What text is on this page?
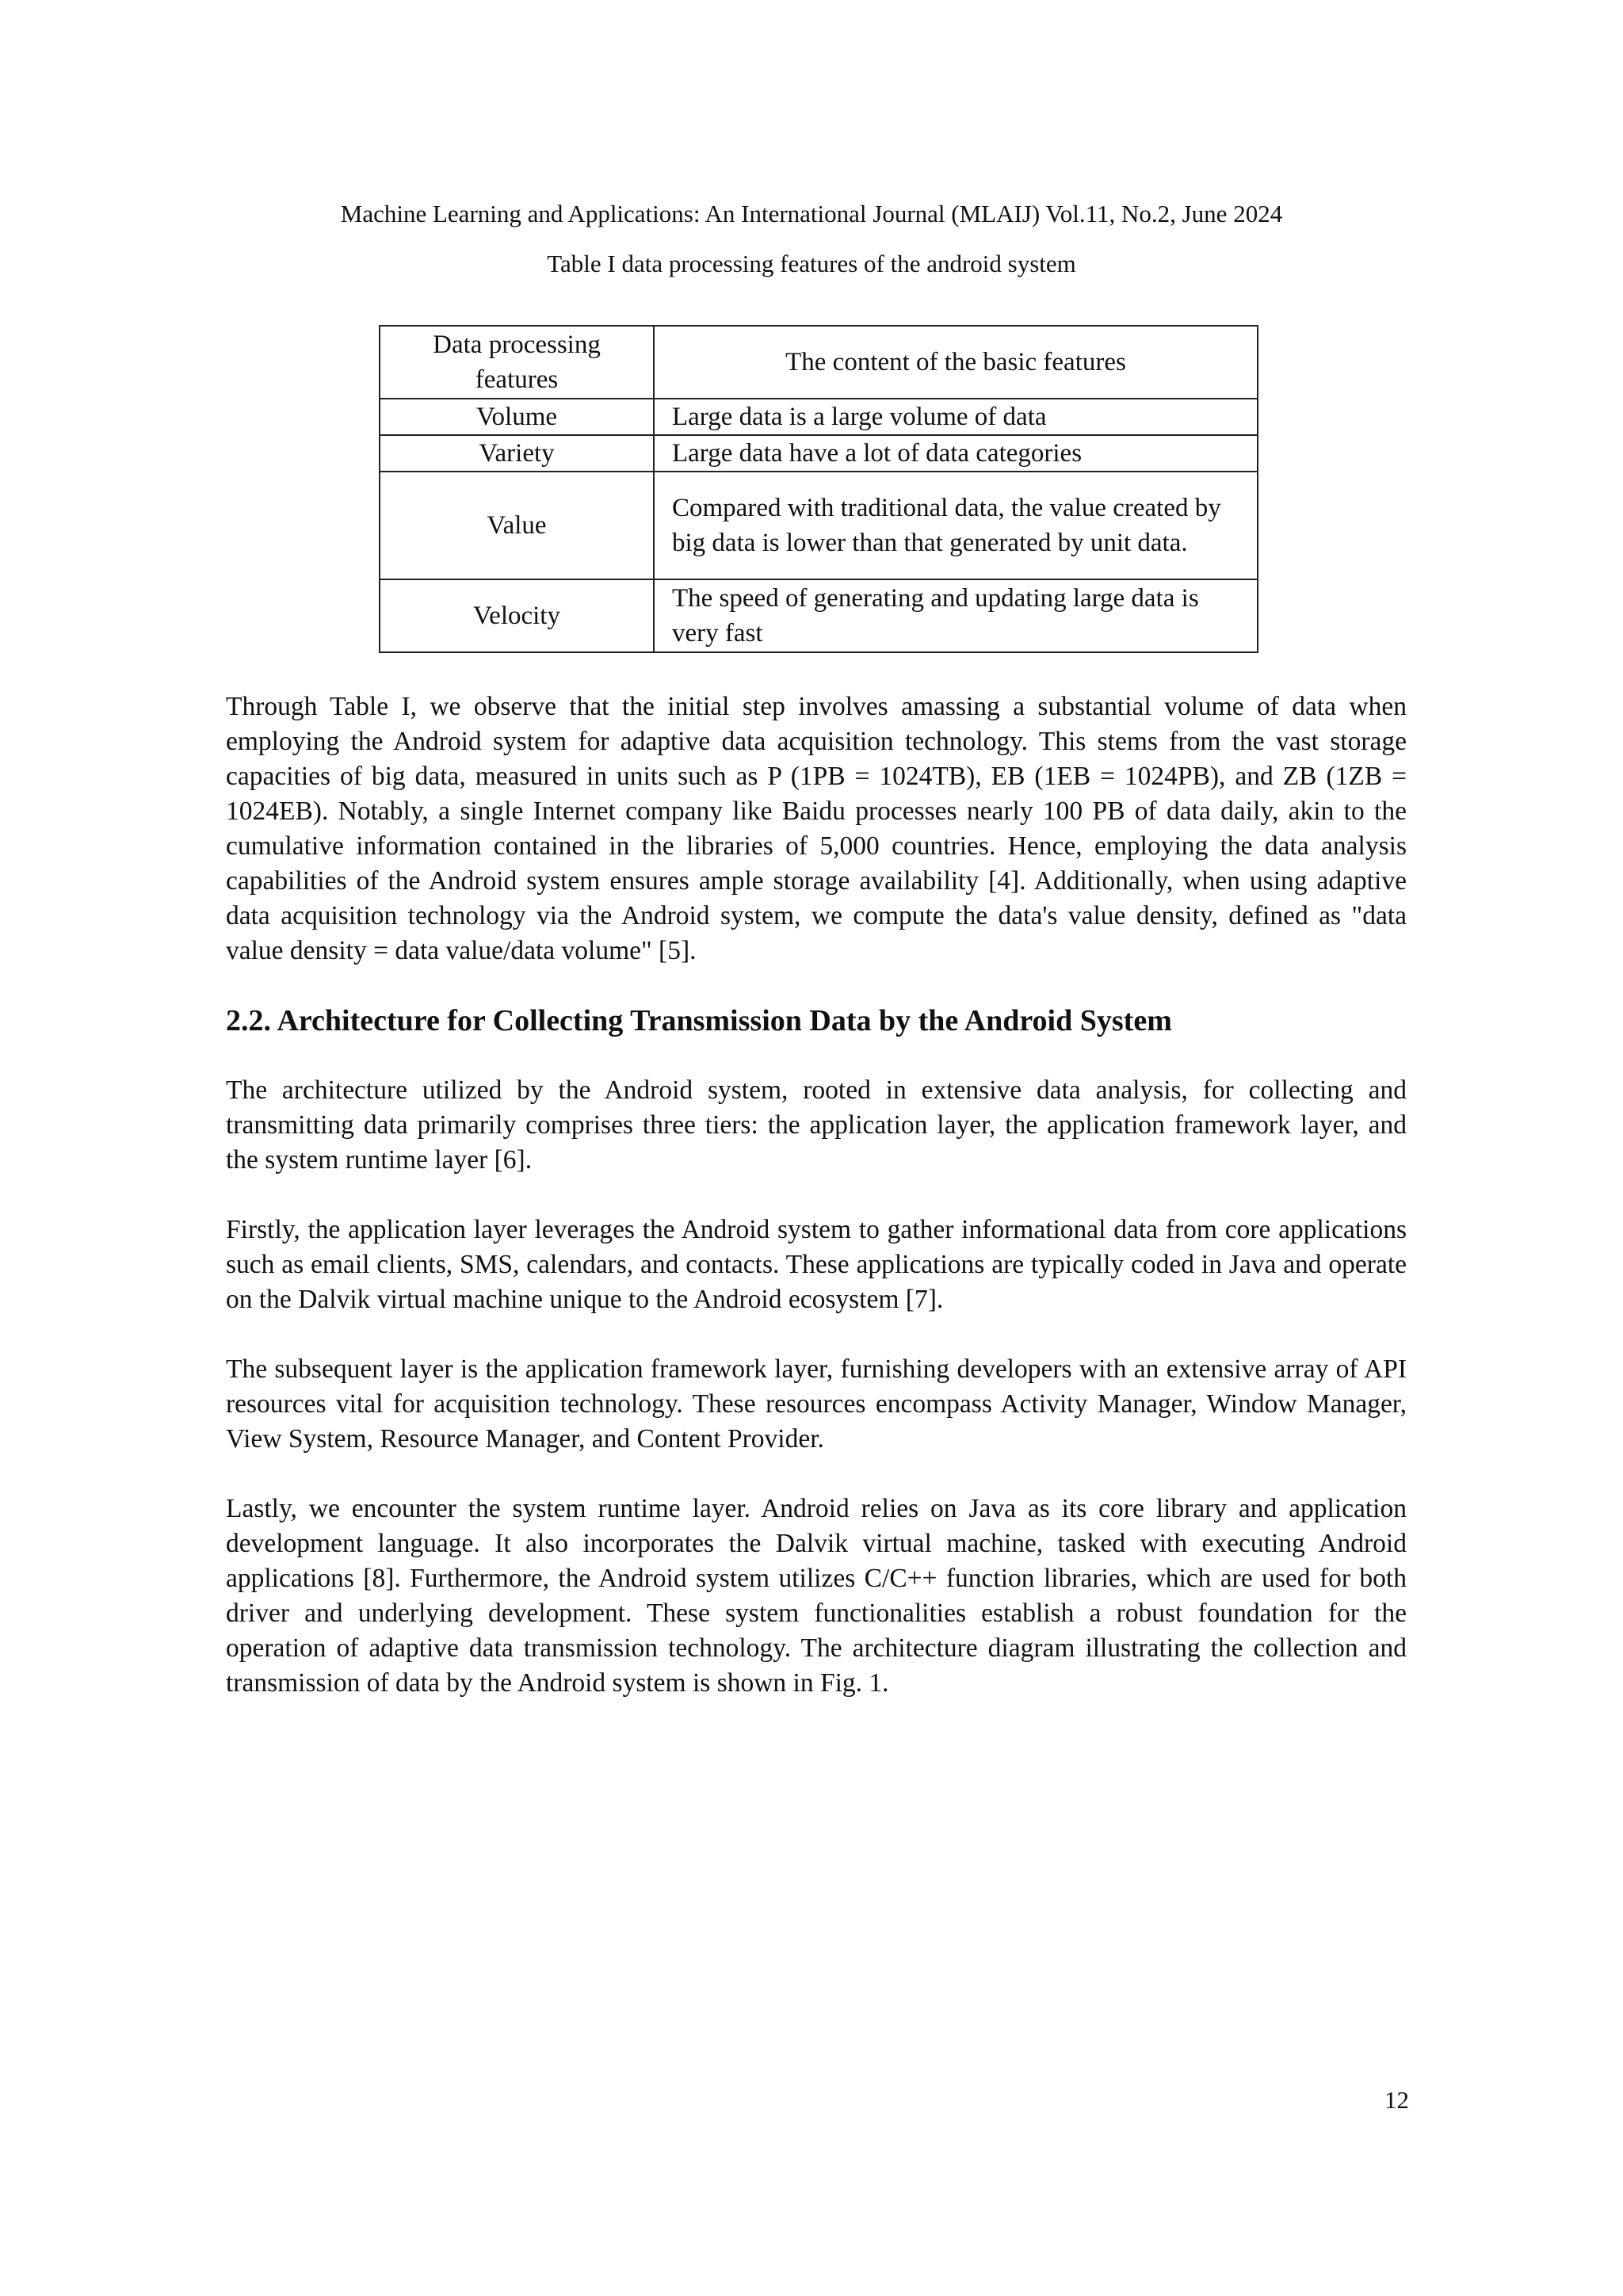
Machine Learning and Applications: An International Journal (MLAIJ) Vol.11, No.2, June 2024
Table I data processing features of the android system
Data processing features	The content of the basic features
Volume	Large data is a large volume of data
Variety	Large data have a lot of data categories
Value	Compared with traditional data, the value created by big data is lower than that generated by unit data.
Velocity	The speed of generating and updating large data is very fast

Through Table I, we observe that the initial step involves amassing a substantial volume of data when employing the Android system for adaptive data acquisition technology. This stems from the vast storage capacities of big data, measured in units such as P (1PB = 1024TB), EB (1EB = 1024PB), and ZB (1ZB = 1024EB). Notably, a single Internet company like Baidu processes nearly 100 PB of data daily, akin to the cumulative information contained in the libraries of 5,000 countries. Hence, employing the data analysis capabilities of the Android system ensures ample storage availability [4]. Additionally, when using adaptive data acquisition technology via the Android system, we compute the data's value density, defined as "data value density = data value/data volume" [5].

2.2. Architecture for Collecting Transmission Data by the Android System

The architecture utilized by the Android system, rooted in extensive data analysis, for collecting and transmitting data primarily comprises three tiers: the application layer, the application framework layer, and the system runtime layer [6].

Firstly, the application layer leverages the Android system to gather informational data from core applications such as email clients, SMS, calendars, and contacts. These applications are typically coded in Java and operate on the Dalvik virtual machine unique to the Android ecosystem [7].

The subsequent layer is the application framework layer, furnishing developers with an extensive array of API resources vital for acquisition technology. These resources encompass Activity Manager, Window Manager, View System, Resource Manager, and Content Provider.

Lastly, we encounter the system runtime layer. Android relies on Java as its core library and application development language. It also incorporates the Dalvik virtual machine, tasked with executing Android applications [8]. Furthermore, the Android system utilizes C/C++ function libraries, which are used for both driver and underlying development. These system functionalities establish a robust foundation for the operation of adaptive data transmission technology. The architecture diagram illustrating the collection and transmission of data by the Android system is shown in Fig. 1.

12
